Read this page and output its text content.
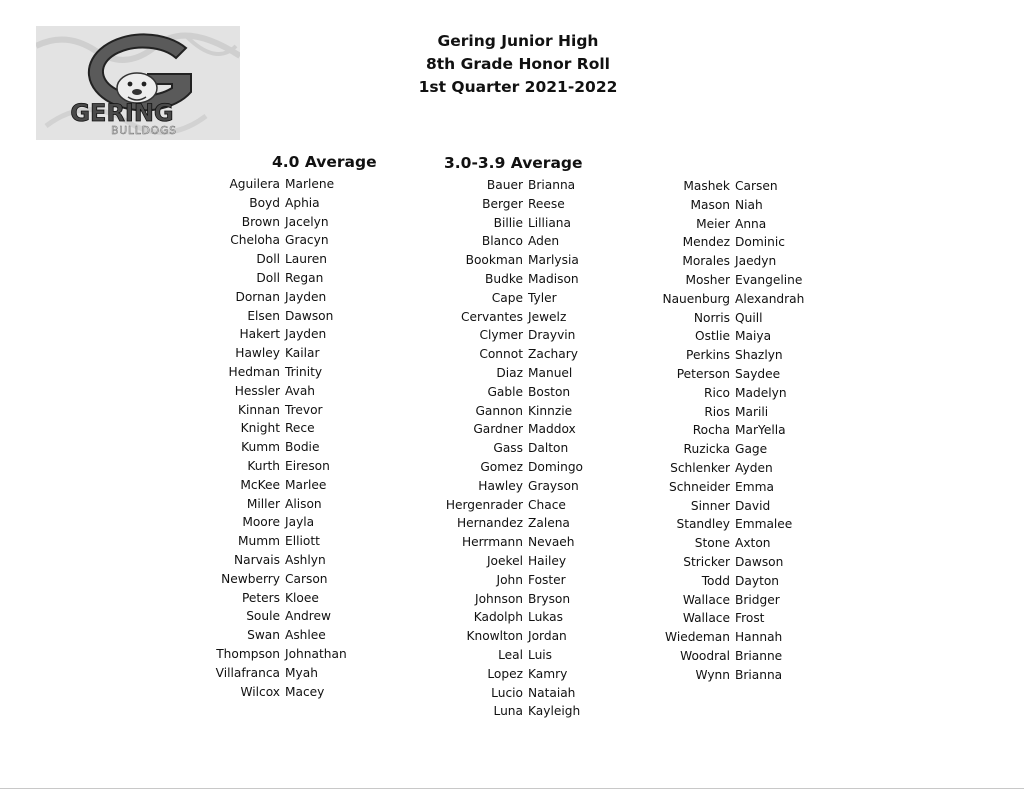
GERING
BULLDOGS
Gering Junior High
8th Grade Honor Roll
1st Quarter 2021-2022
4.0 Average	3.0-3.9 Average
Aguilera Marlene
Boyd Aphia
Brown Jacelyn
Cheloha Gracyn
Doll Lauren
Doll Regan
Dornan Jayden
Elsen Dawson
Hakert Jayden
Hawley Kailar
Hedman Trinity
Hessler Avah
Kinnan Trevor
Knight Rece
Kumm Bodie
Kurth Eireson
McKee Marlee
Miller Alison
Moore Jayla
Mumm Elliott
Narvais Ashlyn
Newberry Carson
Peters Kloee
Soule Andrew
Swan Ashlee
Thompson Johnathan
Villafranca Myah
Wilcox Macey
Bauer Brianna
Berger Reese
Billie Lilliana
Blanco Aden
Bookman Marlysia
Budke Madison
Cape Tyler
Cervantes Jewelz
Clymer Drayvin
Connot Zachary
Diaz Manuel
Gable Boston
Gannon Kinnzie
Gardner Maddox
Gass Dalton
Gomez Domingo
Hawley Grayson
Hergenrader Chace
Hernandez Zalena
Herrmann Nevaeh
Joekel Hailey
John Foster
Johnson Bryson
Kadolph Lukas
Knowlton Jordan
Leal Luis
Lopez Kamry
Lucio Nataiah
Luna Kayleigh
Mashek Carsen
Mason Niah
Meier Anna
Mendez Dominic
Morales Jaedyn
Mosher Evangeline
Nauenburg Alexandrah
Norris Quill
Ostlie Maiya
Perkins Shazlyn
Peterson Saydee
Rico Madelyn
Rios Marili
Rocha MarYella
Ruzicka Gage
Schlenker Ayden
Schneider Emma
Sinner David
Standley Emmalee
Stone Axton
Stricker Dawson
Todd Dayton
Wallace Bridger
Wallace Frost
Wiedeman Hannah
Woodral Brianne
Wynn Brianna
